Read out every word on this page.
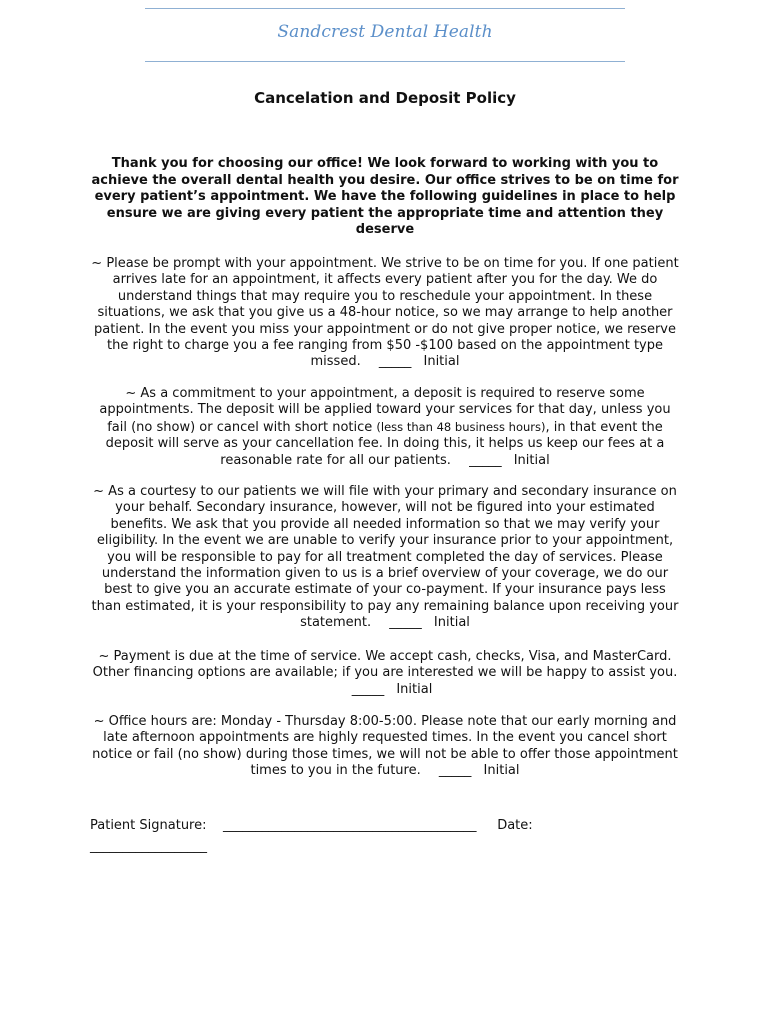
Sandcrest Dental Health
Cancelation and Deposit Policy
Thank you for choosing our office! We look forward to working with you to achieve the overall dental health you desire. Our office strives to be on time for every patient’s appointment. We have the following guidelines in place to help ensure we are giving every patient the appropriate time and attention they deserve
~ Please be prompt with your appointment. We strive to be on time for you. If one patient arrives late for an appointment, it affects every patient after you for the day. We do understand things that may require you to reschedule your appointment. In these situations, we ask that you give us a 48-hour notice, so we may arrange to help another patient. In the event you miss your appointment or do not give proper notice, we reserve the right to charge you a fee ranging from $50 -$100 based on the appointment type missed. _____ Initial
~ As a commitment to your appointment, a deposit is required to reserve some appointments. The deposit will be applied toward your services for that day, unless you fail (no show) or cancel with short notice (less than 48 business hours), in that event the deposit will serve as your cancellation fee. In doing this, it helps us keep our fees at a reasonable rate for all our patients. _____ Initial
~ As a courtesy to our patients we will file with your primary and secondary insurance on your behalf. Secondary insurance, however, will not be figured into your estimated benefits. We ask that you provide all needed information so that we may verify your eligibility. In the event we are unable to verify your insurance prior to your appointment, you will be responsible to pay for all treatment completed the day of services. Please understand the information given to us is a brief overview of your coverage, we do our best to give you an accurate estimate of your co-payment. If your insurance pays less than estimated, it is your responsibility to pay any remaining balance upon receiving your statement. _____ Initial
~ Payment is due at the time of service. We accept cash, checks, Visa, and MasterCard. Other financing options are available; if you are interested we will be happy to assist you. _____ Initial
~ Office hours are: Monday - Thursday 8:00-5:00. Please note that our early morning and late afternoon appointments are highly requested times. In the event you cancel short notice or fail (no show) during those times, we will not be able to offer those appointment times to you in the future. _____ Initial
Patient Signature: _______________________________________ Date:
__________________
